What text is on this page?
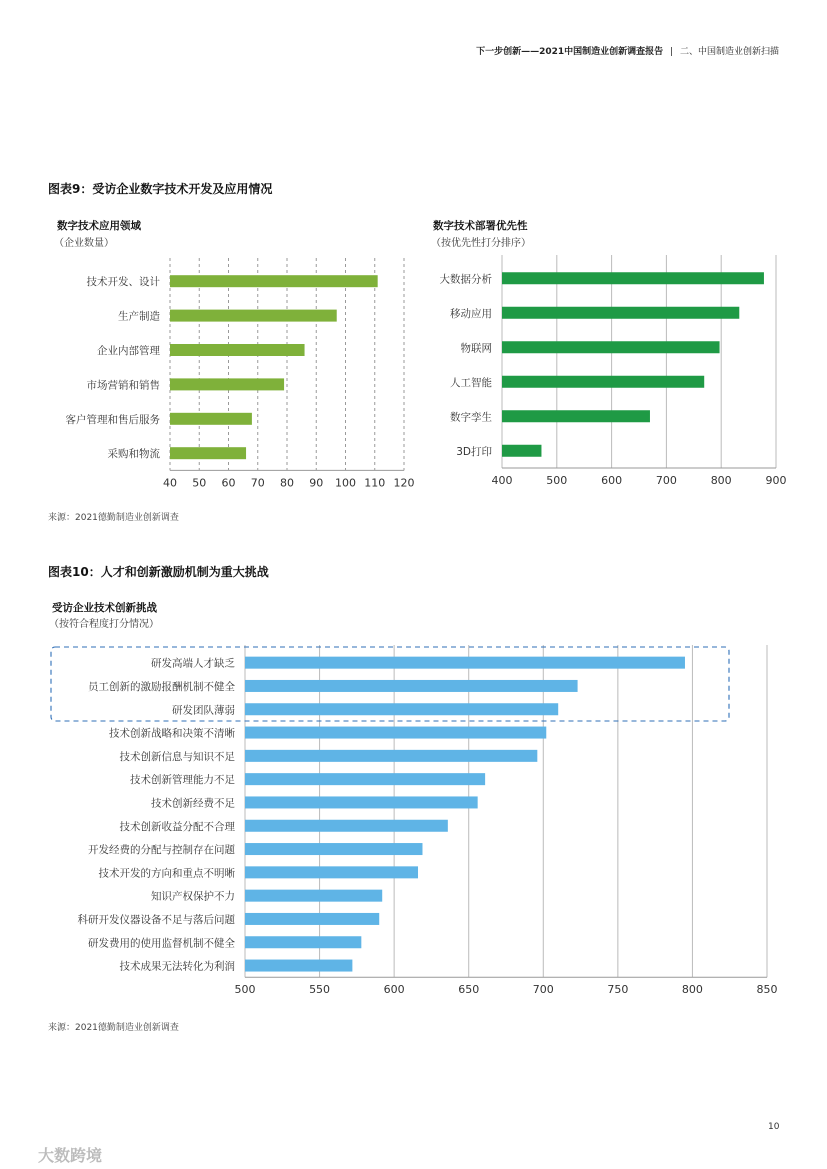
下一步创新——2021中国制造业创新调查报告 | 二、中国制造业创新扫描
图表9：受访企业数字技术开发及应用情况
数字技术应用领域
（企业数量）
40 50 60 70 80 90 100 110 120
技术开发、设计
生产制造
企业内部管理
市场营销和销售
客户管理和售后服务
采购和物流
数字技术部署优先性
（按优先性打分排序）
400	500	600	700	800	900
大数据分析
移动应用
物联网
人工智能
数字孪生
3D打印
来源：2021德勤制造业创新调查
图表10：人才和创新激励机制为重大挑战
受访企业技术创新挑战
（按符合程度打分情况）
500	550	600	650	700	750	800	850
研发高端人才缺乏
员工创新的激励报酬机制不健全
研发团队薄弱
技术创新战略和决策不清晰
技术创新信息与知识不足
技术创新管理能力不足
技术创新经费不足
技术创新收益分配不合理
开发经费的分配与控制存在问题
技术开发的方向和重点不明晰
知识产权保护不力
科研开发仪器设备不足与落后问题
研发费用的使用监督机制不健全
技术成果无法转化为利润
来源：2021德勤制造业创新调查
10
大数跨境
